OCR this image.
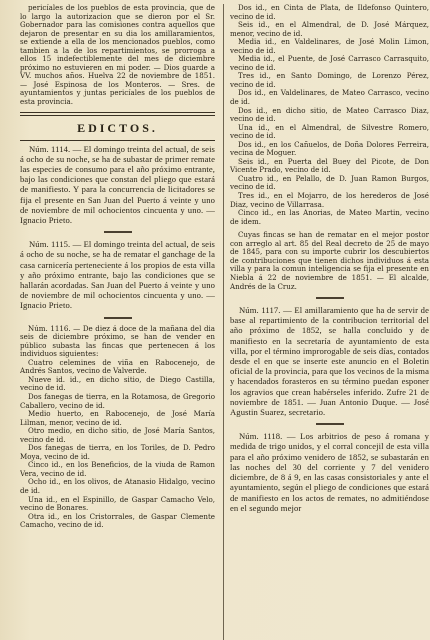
pericíales de los pueblos de esta provincia, que de lo largo la autorizacion que se dieron por el Sr. Gobernador para las comisiones contra aquellos que dejaron de presentar en su dia los amillaramientos, se extiende a ella de los mencionados pueblos, como tambien a la de los repartimientos, se prorroga a ellos 15 indefectiblemente del mes de diciembre próximo no estuvieren en mi poder. — Dios guarde a VV. muchos años. Huelva 22 de noviembre de 1851. — José Espinosa de los Monteros. — Sres. de ayuntamientos y juntas pericíales de los pueblos de esta provincia.

EDICTOS.

Núm. 1114. — El domingo treinta del actual, de seis á ocho de su noche, se ha de subastar de primer remate las especies de consumo para el año próximo entrante, bajo las condiciones que constan del pliego que estará de manifiesto. Y para la concurrencia de licitadores se fija el presente en San Juan del Puerto á veinte y uno de noviembre de mil ochocientos cincuenta y uno. — Ignacio Prieto.

Núm. 1115. — El domingo treinta del actual, de seis á ocho de su noche, se ha de rematar el ganchage de la casa carnicería perteneciente á los propios de esta villa y año próximo entrante, bajo las condiciones que se hallarán acordadas. San Juan del Puerto á veinte y uno de noviembre de mil ochocientos cincuenta y uno. — Ignacio Prieto.

Núm. 1116. — De diez á doce de la mañana del dia seis de diciembre próximo, se han de vender en público subasta las fincas que pertenecen á los individuos siguientes:

Cuatro celemines de viña en Rabocenejo, de Andrés Santos, vecino de Valverde.

Nueve id. id., en dicho sitio, de Diego Castilla, vecino de id.

Dos fanegas de tierra, en la Rotamosa, de Gregorio Caballero, vecino de id.

Medio huerto, en Rabocenejo, de José María Lilman, menor, vecino de id.

Otro medio, en dicho sitio, de José María Santos, vecino de id.

Dos fanegas de tierra, en los Toriles, de D. Pedro Moya, vecino de id.

Cinco id., en los Beneficios, de la viuda de Ramon Vera, vecino de id.

Ocho id., en los olivos, de Atanasio Hidalgo, vecino de id.

Una id., en el Espinillo, de Gaspar Camacho Velo, vecino de Bonares.

Otra id., en los Cristorrales, de Gaspar Clemente Camacho, vecino de id.

Dos id., en Cinta de Plata, de Ildefonso Quintero, vecino de id.

Seis id., en el Almendral, de D. José Márquez, menor, vecino de id.

Media id., en Valdelinares, de José Molin Limon, vecino de id.

Media id., el Puente, de José Carrasco Carrasquito, vecino de id.

Tres id., en Santo Domingo, de Lorenzo Pérez, vecino de id.

Dos id., en Valdelinares, de Mateo Carrasco, vecino de id.

Dos id., en dicho sitio, de Mateo Carrasco Diaz, vecino de id.

Una id., en el Almendral, de Silvestre Romero, vecino de id.

Dos id., en los Cañuelos, de Doña Dolores Ferreira, vecina de Moguer.

Seis id., en Puerta del Buey del Picote, de Don Vicente Prado, vecino de id.

Cuatro id., en Pelallo, de D. Juan Ramon Burgos, vecino de id.

Tres id., en el Mojarro, de los herederos de José Diaz, vecino de Villarrasa.

Cinco id., en las Anorias, de Mateo Martin, vecino de idem.

Cuyas fincas se han de rematar en el mejor postor con arreglo al art. 85 del Real decreto de 25 de mayo de 1845, para con su importe cubrir los descubiertos de contribuciones que tienen dichos individuos á esta villa y para la comun inteligencia se fija el presente en Niebla á 22 de noviembre de 1851. — El alcalde, Andrés de la Cruz.

Núm. 1117. — El amillaramiento que ha de servir de base al repartimiento de la contribucion territorial del año próximo de 1852, se halla concluido y de manifiesto en la secretaría de ayuntamiento de esta villa, por el término improrogable de seis días, contados desde el en que se inserte este anuncio en el Boletin oficial de la provincia, para que los vecinos de la misma y hacendados forasteros en su término puedan esponer los agravios que crean habérseles inferido. Zufre 21 de noviembre de 1851. — Juan Antonio Duque. — José Agustin Suarez, secretario.

Núm. 1118. — Los arbitrios de peso á romana y medida de trigo unidos, y el corral concejil de esta villa para el año próximo venidero de 1852, se subastarán en las noches del 30 del corriente y 7 del venidero diciembre, de 8 á 9, en las casas consistoriales y ante el ayuntamiento, según el pliego de condiciones que estará de manifiesto en los actos de remates, no admitiéndose en el segundo mejor
